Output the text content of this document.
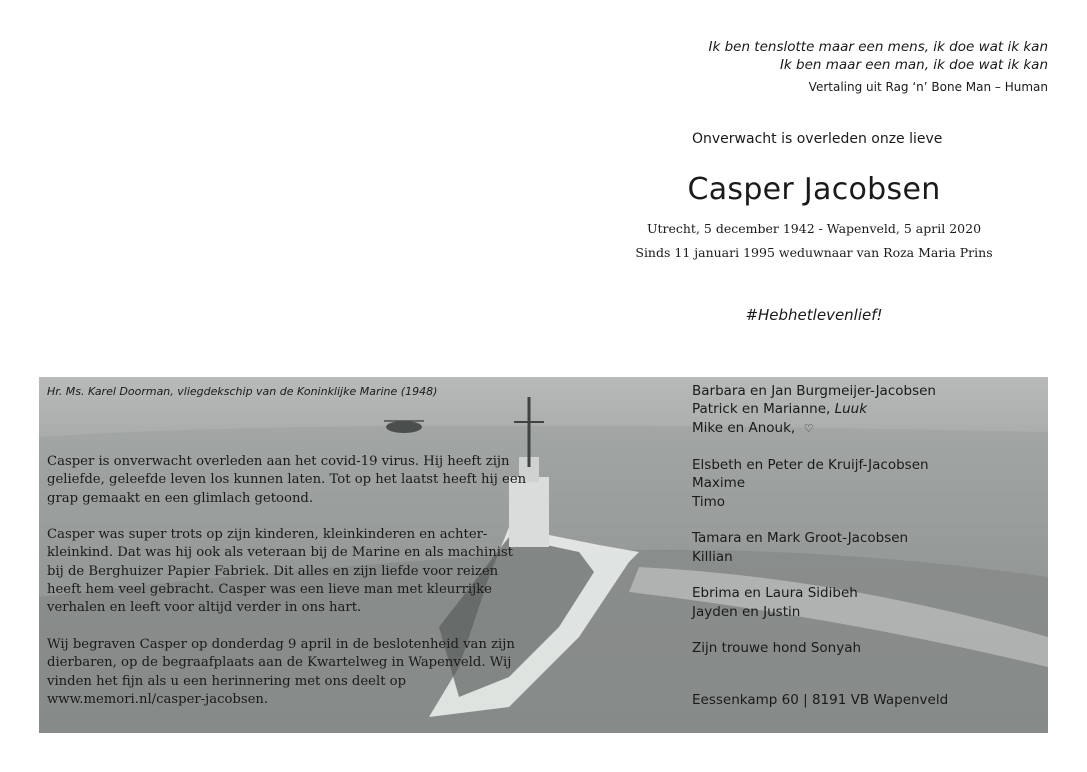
Ik ben tenslotte maar een mens, ik doe wat ik kan
Ik ben maar een man, ik doe wat ik kan
Vertaling uit Rag ‘n’ Bone Man – Human
Onverwacht is overleden onze lieve
Casper Jacobsen
Utrecht, 5 december 1942 - Wapenveld, 5 april 2020
Sinds 11 januari 1995 weduwnaar van Roza Maria Prins
#Hebhetlevenlief!
Hr. Ms. Karel Doorman, vliegdekschip van de Koninklijke Marine (1948)

Casper is onverwacht overleden aan het covid-19 virus. Hij heeft zijn geliefde, geleefde leven los kunnen laten. Tot op het laatst heeft hij een grap gemaakt en een glimlach getoond.

Casper was super trots op zijn kinderen, kleinkinderen en achter-kleinkind. Dat was hij ook als veteraan bij de Marine en als machinist bij de Berghuizer Papier Fabriek. Dit alles en zijn liefde voor reizen heeft hem veel gebracht. Casper was een lieve man met kleurrijke verhalen en leeft voor altijd verder in ons hart.

Wij begraven Casper op donderdag 9 april in de beslotenheid van zijn dierbaren, op de begraafplaats aan de Kwartelweg in Wapenveld. Wij vinden het fijn als u een herinnering met ons deelt op www.memori.nl/casper-jacobsen.

Barbara en Jan Burgmeijer-Jacobsen
Patrick en Marianne, Luuk
Mike en Anouk, ♡
Elsbeth en Peter de Kruijf-Jacobsen
Maxime
Timo
Tamara en Mark Groot-Jacobsen
Killian
Ebrima en Laura Sidibeh
Jayden en Justin
Zijn trouwe hond Sonyah
Eessenkamp 60 | 8191 VB Wapenveld
